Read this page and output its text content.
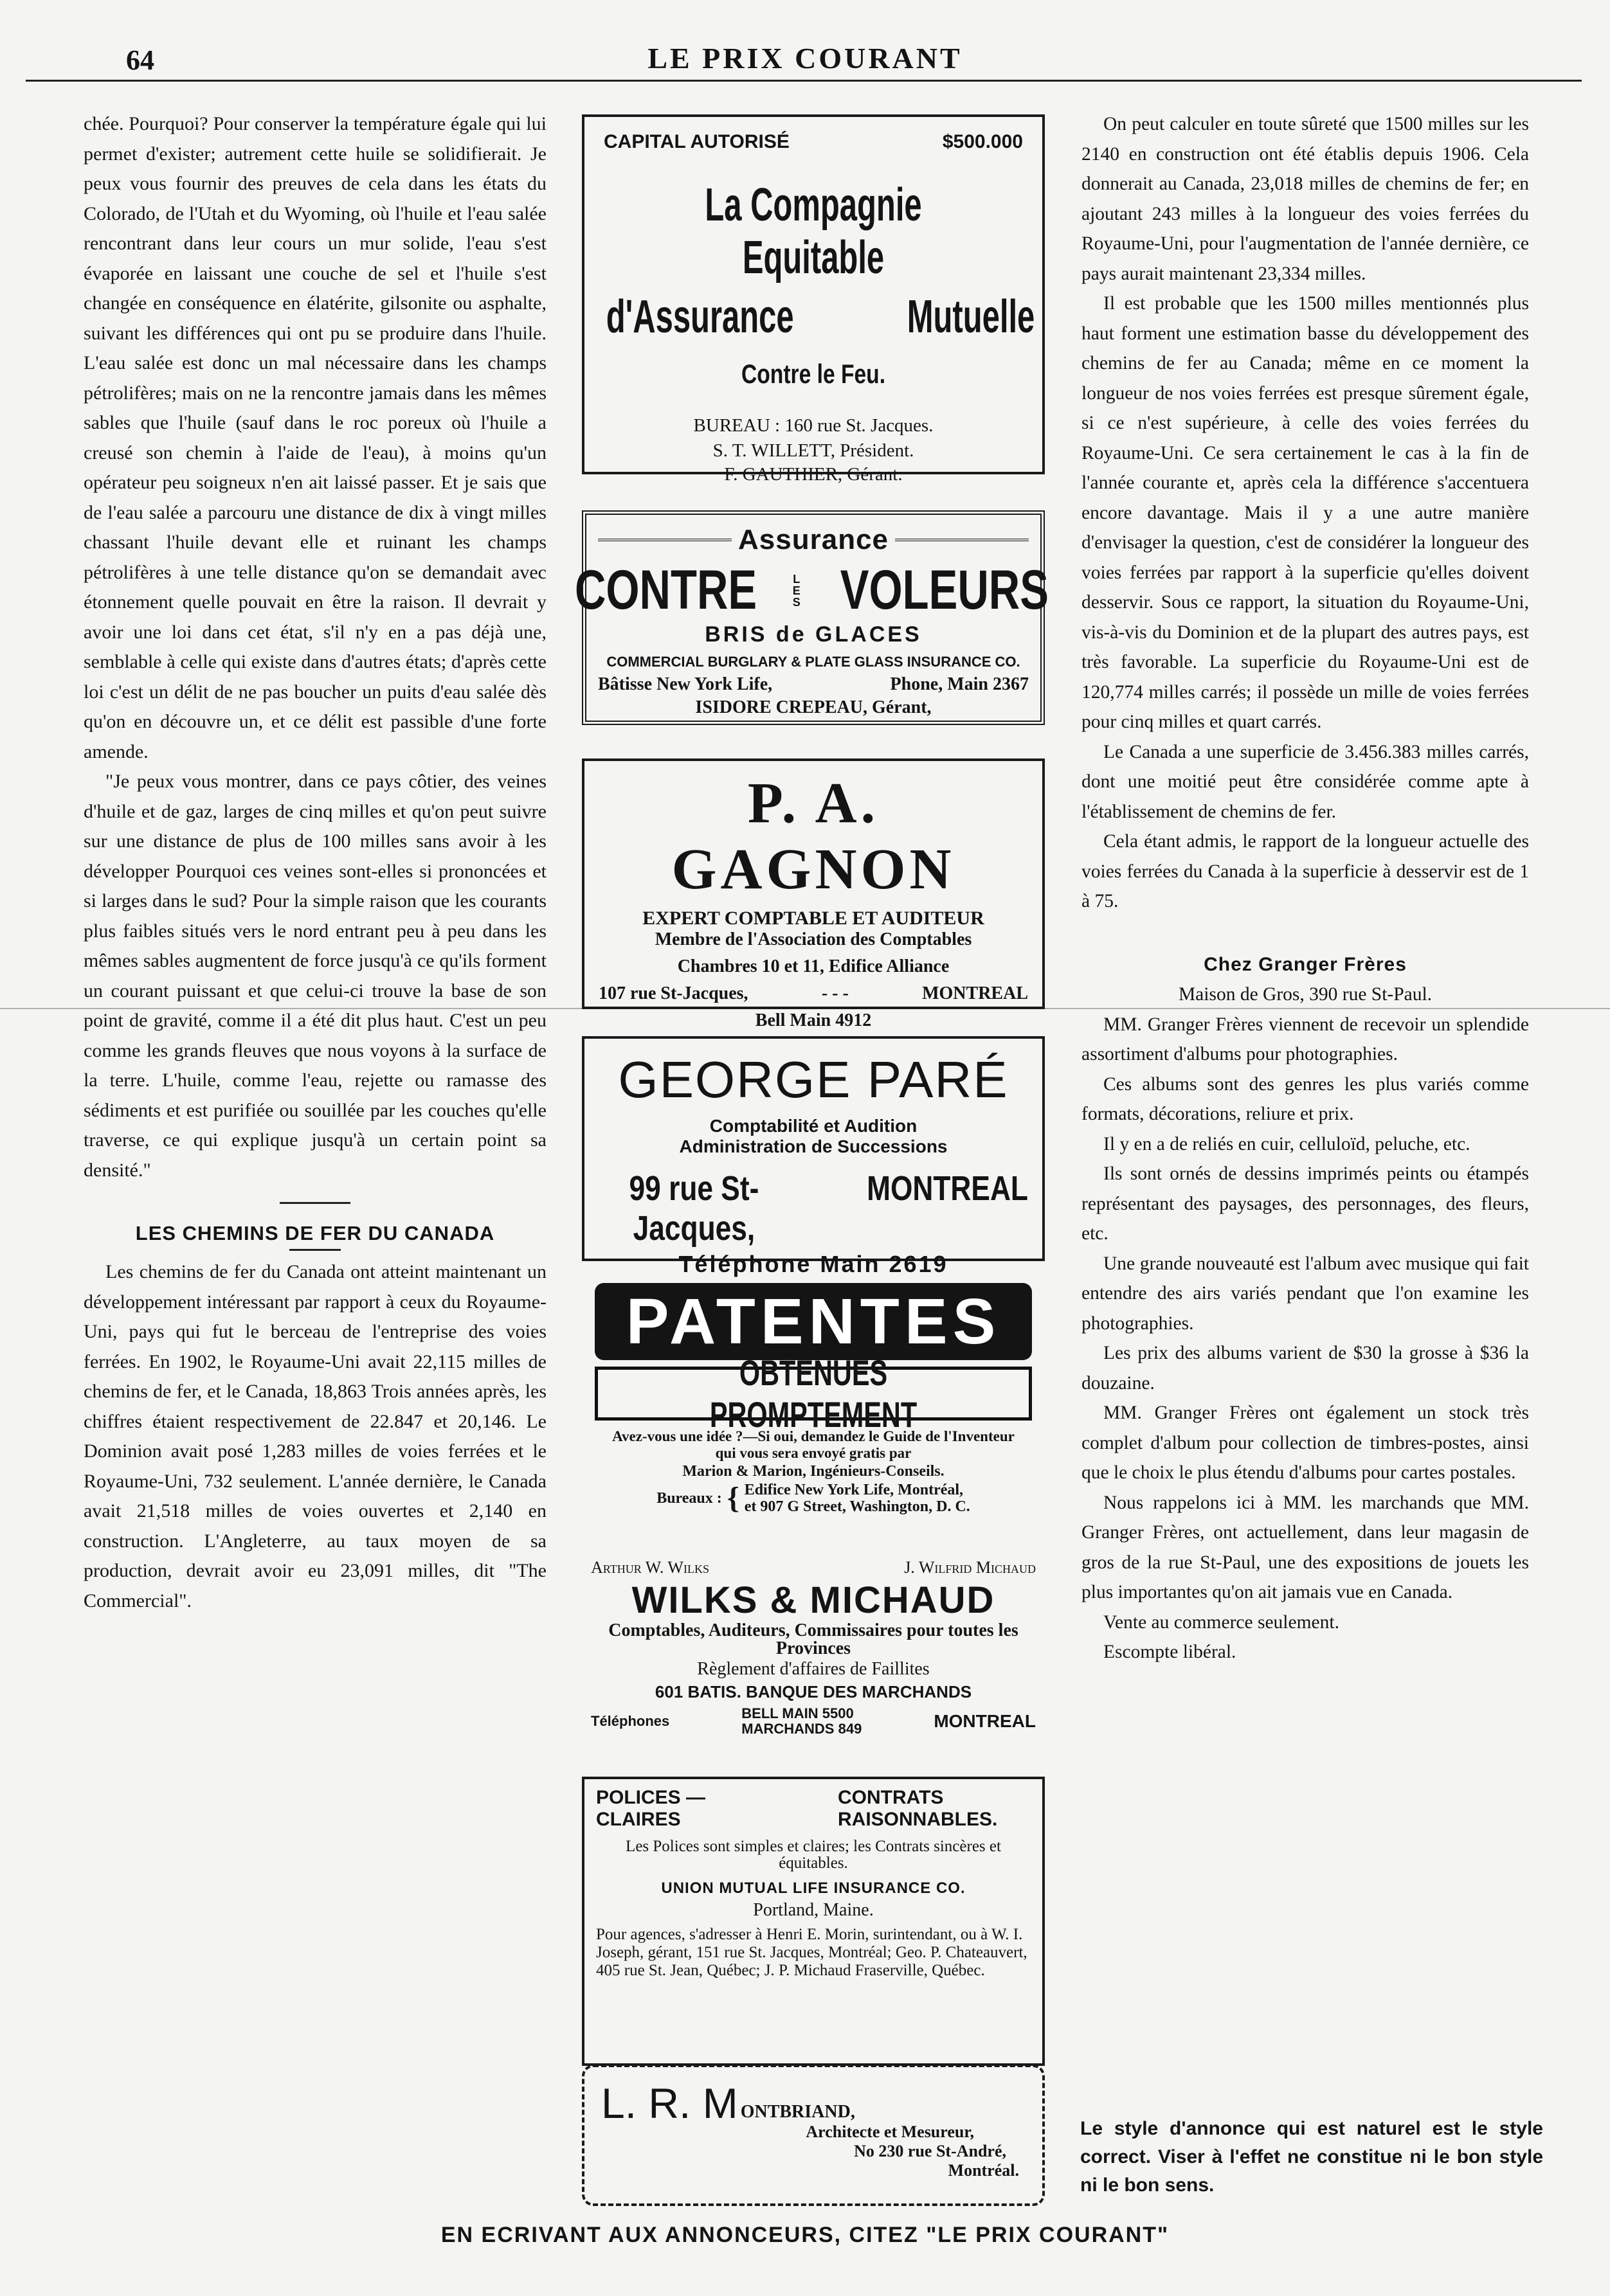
64	LE PRIX COURANT

chée. Pourquoi? Pour conserver la température égale qui lui permet d'exister; autrement cette huile se solidifierait. Je peux vous fournir des preuves de cela dans les états du Colorado, de l'Utah et du Wyoming, où l'huile et l'eau salée rencontrant dans leur cours un mur solide, l'eau s'est évaporée en laissant une couche de sel et l'huile s'est changée en conséquence en élatérite, gilsonite ou asphalte, suivant les différences qui ont pu se produire dans l'huile. L'eau salée est donc un mal nécessaire dans les champs pétrolifères; mais on ne la rencontre jamais dans les mêmes sables que l'huile (sauf dans le roc poreux où l'huile a creusé son chemin à l'aide de l'eau), à moins qu'un opérateur peu soigneux n'en ait laissé passer. Et je sais que de l'eau salée a parcouru une distance de dix à vingt milles chassant l'huile devant elle et ruinant les champs pétrolifères à une telle distance qu'on se demandait avec étonnement quelle pouvait en être la raison. Il devrait y avoir une loi dans cet état, s'il n'y en a pas déjà une, semblable à celle qui existe dans d'autres états; d'après cette loi c'est un délit de ne pas boucher un puits d'eau salée dès qu'on en découvre un, et ce délit est passible d'une forte amende.

"Je peux vous montrer, dans ce pays côtier, des veines d'huile et de gaz, larges de cinq milles et qu'on peut suivre sur une distance de plus de 100 milles sans avoir à les développer Pourquoi ces veines sont-elles si prononcées et si larges dans le sud? Pour la simple raison que les courants plus faibles situés vers le nord entrant peu à peu dans les mêmes sables augmentent de force jusqu'à ce qu'ils forment un courant puissant et que celui-ci trouve la base de son point de gravité, comme il a été dit plus haut. C'est un peu comme les grands fleuves que nous voyons à la surface de la terre. L'huile, comme l'eau, rejette ou ramasse des sédiments et est purifiée ou souillée par les couches qu'elle traverse, ce qui explique jusqu'à un certain point sa densité."

LES CHEMINS DE FER DU CANADA

Les chemins de fer du Canada ont atteint maintenant un développement intéressant par rapport à ceux du Royaume-Uni, pays qui fut le berceau de l'entreprise des voies ferrées. En 1902, le Royaume-Uni avait 22,115 milles de chemins de fer, et le Canada, 18,863 Trois années après, les chiffres étaient respectivement de 22.847 et 20,146. Le Dominion avait posé 1,283 milles de voies ferrées et le Royaume-Uni, 732 seulement. L'année dernière, le Canada avait 21,518 milles de voies ouvertes et 2,140 en construction. L'Angleterre, au taux moyen de sa production, devrait avoir eu 23,091 milles, dit "The Commercial".

On peut calculer en toute sûreté que 1500 milles sur les 2140 en construction ont été établis depuis 1906. Cela donnerait au Canada, 23,018 milles de chemins de fer; en ajoutant 243 milles à la longueur des voies ferrées du Royaume-Uni, pour l'augmentation de l'année dernière, ce pays aurait maintenant 23,334 milles.

Il est probable que les 1500 milles mentionnés plus haut forment une estimation basse du développement des chemins de fer au Canada; même en ce moment la longueur de nos voies ferrées est presque sûrement égale, si ce n'est supérieure, à celle des voies ferrées du Royaume-Uni. Ce sera certainement le cas à la fin de l'année courante et, après cela la différence s'accentuera encore davantage. Mais il y a une autre manière d'envisager la question, c'est de considérer la longueur des voies ferrées par rapport à la superficie qu'elles doivent desservir. Sous ce rapport, la situation du Royaume-Uni, vis-à-vis du Dominion et de la plupart des autres pays, est très favorable. La superficie du Royaume-Uni est de 120,774 milles carrés; il possède un mille de voies ferrées pour cinq milles et quart carrés.

Le Canada a une superficie de 3.456.383 milles carrés, dont une moitié peut être considérée comme apte à l'établissement de chemins de fer.

Cela étant admis, le rapport de la longueur actuelle des voies ferrées du Canada à la superficie à desservir est de 1 à 75.

Chez Granger Frères

Maison de Gros, 390 rue St-Paul.

MM. Granger Frères viennent de recevoir un splendide assortiment d'albums pour photographies.

Ces albums sont des genres les plus variés comme formats, décorations, reliure et prix.

Il y en a de reliés en cuir, celluloïd, peluche, etc.

Ils sont ornés de dessins imprimés peints ou étampés représentant des paysages, des personnages, des fleurs, etc.

Une grande nouveauté est l'album avec musique qui fait entendre des airs variés pendant que l'on examine les photographies.

Les prix des albums varient de $30 la grosse à $36 la douzaine.

MM. Granger Frères ont également un stock très complet d'album pour collection de timbres-postes, ainsi que le choix le plus étendu d'albums pour cartes postales.

Nous rappelons ici à MM. les marchands que MM. Granger Frères, ont actuellement, dans leur magasin de gros de la rue St-Paul, une des expositions de jouets les plus importantes qu'on ait jamais vue en Canada.

Vente au commerce seulement.

Escompte libéral.

Le style d'annonce qui est naturel est le style correct. Viser à l'effet ne constitue ni le bon style ni le bon sens.
CAPITAL AUTORISÉ	$500.000

La Compagnie Equitable

d'Assurance Mutuelle

Contre le Feu.

BUREAU : 160 rue St. Jacques.

S. T. WILLETT, Président.

F. GAUTHIER, Gérant.

Assurance

CONTRE	LES VOLEURS

BRIS de GLACES

COMMERCIAL BURGLARY & PLATE GLASS INSURANCE CO.

Bâtisse New York Life,	Phone, Main 2367

ISIDORE CREPEAU, Gérant,

P. A. GAGNON

EXPERT COMPTABLE ET AUDITEUR

Membre de l'Association des Comptables

Chambres 10 et 11, Edifice Alliance

107 rue St-Jacques,	- - -	MONTREAL

Bell Main 4912

GEORGE PARÉ

Comptabilité et Audition

Administration de Successions

99 rue St-Jacques,
MONTREAL

Téléphone Main 2619

PATENTES
OBTENUES PROMPTEMENT

Avez-vous une idée ?—Si oui, demandez le Guide de l'Inventeur qui vous sera envoyé gratis par

Marion & Marion, Ingénieurs-Conseils.

Bureaux : { Edifice New York Life, Montréal,
et 907 G Street, Washington, D. C.

Arthur W. Wilks	J. Wilfrid Michaud

WILKS & MICHAUD

Comptables, Auditeurs, Commissaires pour toutes les Provinces

Règlement d'affaires de Faillites

601 BATIS. BANQUE DES MARCHANDS

Téléphones	BELL MAIN 5500
MARCHANDS 849	MONTREAL
POLICES —	CONTRATS
CLAIRES	RAISONNABLES.

Les Polices sont simples et claires; les Contrats sincères et équitables.

UNION MUTUAL LIFE INSURANCE CO.

Portland, Maine.

Pour agences, s'adresser à Henri E. Morin, surintendant, ou à W. I. Joseph, gérant, 151 rue St. Jacques, Montréal; Geo. P. Chateauvert, 405 rue St. Jean, Québec; J. P. Michaud Fraserville, Québec.

L. R. M ONTBRIAND,

Architecte et Mesureur,

No 230 rue St-André,

Montréal.

EN ECRIVANT AUX ANNONCEURS, CITEZ "LE PRIX COURANT"
